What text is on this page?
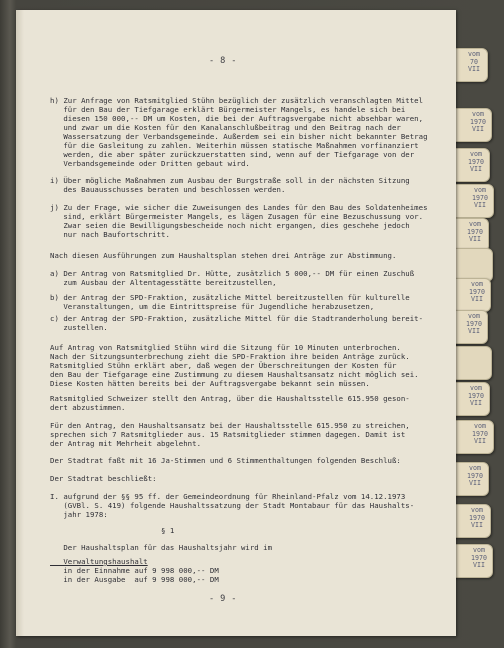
vom
70
VII
vom
1970
VII
vom
1970
VII
vom
1970
VII
vom
1970
VII
vom
1970
VII
vom
1970
VII
vom
1970
VII
vom
1970
VII
vom
1970
VII
vom
1970
VII
vom
1970
VII
- 8 -
h) Zur Anfrage von Ratsmitglied Stühn bezüglich der zusätzlich veranschlagten Mittel
für den Bau der Tiefgarage erklärt Bürgermeister Mangels, es handele sich bei
diesen 150 000,-- DM um Kosten, die bei der Auftragsvergabe nicht absehbar waren,
und zwar um die Kosten für den Kanalanschlußbeitrag und den Beitrag nach der
Wassersatzung der Verbandsgemeinde. Außerdem sei ein bisher nicht bekannter Betrag
für die Gasleitung zu zahlen. Weiterhin müssen statische Maßnahmen vorfinanziert
werden, die aber später zurückzuerstatten sind, wenn auf der Tiefgarage von der
Verbandsgemeinde oder Dritten gebaut wird.
i) Über mögliche Maßnahmen zum Ausbau der Burgstraße soll in der nächsten Sitzung
des Bauausschusses beraten und beschlossen werden.
j) Zu der Frage, wie sicher die Zuweisungen des Landes für den Bau des Soldatenheimes
sind, erklärt Bürgermeister Mangels, es lägen Zusagen für eine Bezuschussung vor.
Zwar seien die Bewilligungsbescheide noch nicht ergangen, dies geschehe jedoch
nur nach Baufortschritt.
Nach diesen Ausführungen zum Haushaltsplan stehen drei Anträge zur Abstimmung.
a) Der Antrag von Ratsmitglied Dr. Hütte, zusätzlich 5 000,-- DM für einen Zuschuß
zum Ausbau der Altentagesstätte bereitzustellen,
b) der Antrag der SPD-Fraktion, zusätzliche Mittel bereitzustellen für kulturelle
Veranstaltungen, um die Eintrittspreise für Jugendliche herabzusetzen,
c) der Antrag der SPD-Fraktion, zusätzliche Mittel für die Stadtranderholung bereit-
zustellen.
Auf Antrag von Ratsmitglied Stühn wird die Sitzung für 10 Minuten unterbrochen.
Nach der Sitzungsunterbrechung zieht die SPD-Fraktion ihre beiden Anträge zurück.
Ratsmitglied Stühn erklärt aber, daß wegen der Überschreitungen der Kosten für
den Bau der Tiefgarage eine Zustimmung zu diesem Haushaltsansatz nicht möglich sei.
Diese Kosten hätten bereits bei der Auftragsvergabe bekannt sein müssen.
Ratsmitglied Schweizer stellt den Antrag, über die Haushaltsstelle 615.950 geson-
dert abzustimmen.
Für den Antrag, den Haushaltsansatz bei der Haushaltsstelle 615.950 zu streichen,
sprechen sich 7 Ratsmitglieder aus. 15 Ratsmitglieder stimmen dagegen. Damit ist
der Antrag mit Mehrheit abgelehnt.
Der Stadtrat faßt mit 16 Ja-Stimmen und 6 Stimmenthaltungen folgenden Beschluß:
Der Stadtrat beschließt:
I. aufgrund der §§ 95 ff. der Gemeindeordnung für Rheinland-Pfalz vom 14.12.1973
(GVBl. S. 419) folgende Haushaltssatzung der Stadt Montabaur für das Haushalts-
jahr 1978:
§ 1
Der Haushaltsplan für das Haushaltsjahr wird im
Verwaltungshaushalt
in der Einnahme auf 9 998 000,-- DM
in der Ausgabe  auf 9 998 000,-- DM
- 9 -
